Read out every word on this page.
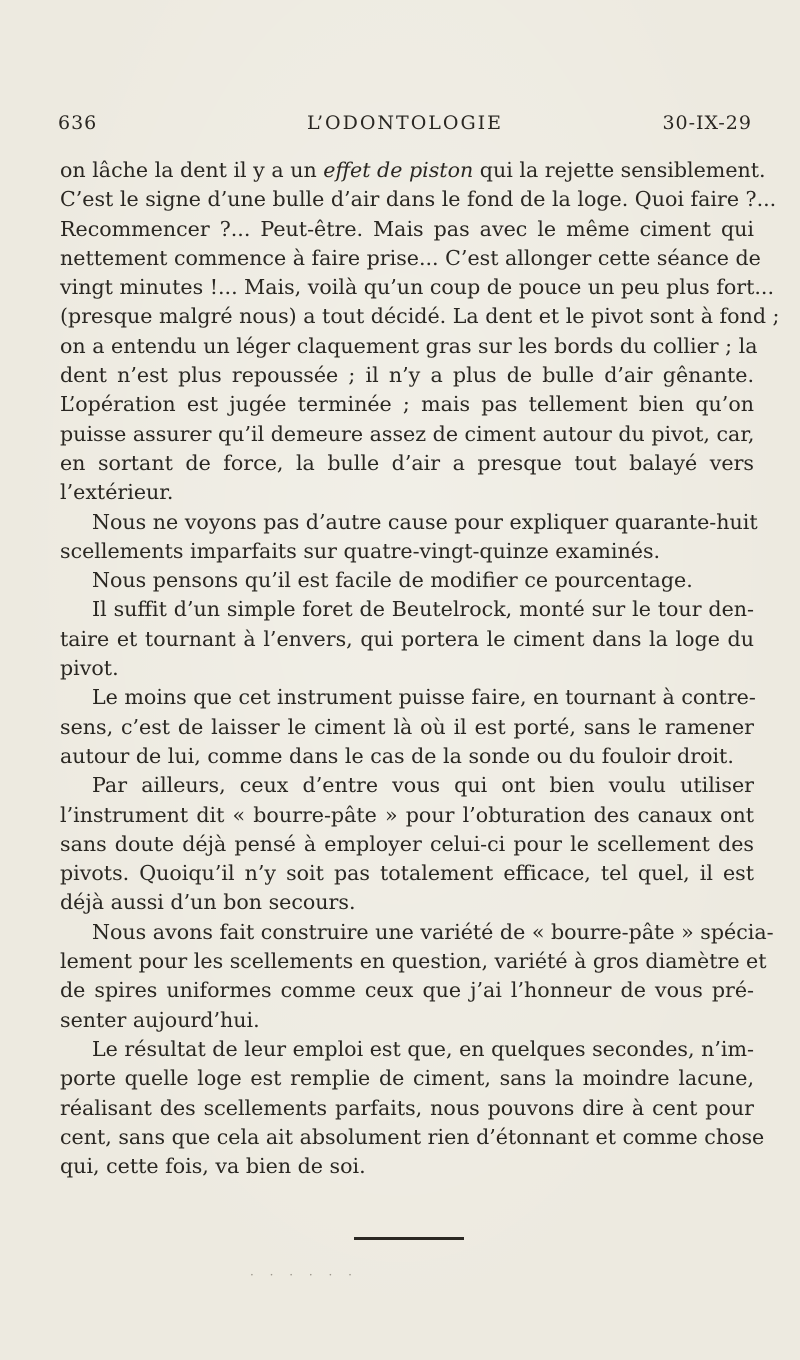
636	L’ODONTOLOGIE	30-IX-29
on lâche la dent il y a un effet de piston qui la rejette sensiblement.
C’est le signe d’une bulle d’air dans le fond de la loge. Quoi faire ?...
Recommencer ?... Peut-être. Mais pas avec le même ciment qui
nettement commence à faire prise... C’est allonger cette séance de
vingt minutes !... Mais, voilà qu’un coup de pouce un peu plus fort...
(presque malgré nous) a tout décidé. La dent et le pivot sont à fond ;
on a entendu un léger claquement gras sur les bords du collier ; la
dent n’est plus repoussée ; il n’y a plus de bulle d’air gênante.
L’opération est jugée terminée ; mais pas tellement bien qu’on
puisse assurer qu’il demeure assez de ciment autour du pivot, car,
en sortant de force, la bulle d’air a presque tout balayé vers
l’extérieur.
Nous ne voyons pas d’autre cause pour expliquer quarante-huit
scellements imparfaits sur quatre-vingt-quinze examinés.
Nous pensons qu’il est facile de modifier ce pourcentage.
Il suffit d’un simple foret de Beutelrock, monté sur le tour den-
taire et tournant à l’envers, qui portera le ciment dans la loge du
pivot.
Le moins que cet instrument puisse faire, en tournant à contre-
sens, c’est de laisser le ciment là où il est porté, sans le ramener
autour de lui, comme dans le cas de la sonde ou du fouloir droit.
Par ailleurs, ceux d’entre vous qui ont bien voulu utiliser
l’instrument dit « bourre-pâte » pour l’obturation des canaux ont
sans doute déjà pensé à employer celui-ci pour le scellement des
pivots. Quoiqu’il n’y soit pas totalement efficace, tel quel, il est
déjà aussi d’un bon secours.
Nous avons fait construire une variété de « bourre-pâte » spécia-
lement pour les scellements en question, variété à gros diamètre et
de spires uniformes comme ceux que j’ai l’honneur de vous pré-
senter aujourd’hui.
Le résultat de leur emploi est que, en quelques secondes, n’im-
porte quelle loge est remplie de ciment, sans la moindre lacune,
réalisant des scellements parfaits, nous pouvons dire à cent pour
cent, sans que cela ait absolument rien d’étonnant et comme chose
qui, cette fois, va bien de soi.
· · · · · ·
